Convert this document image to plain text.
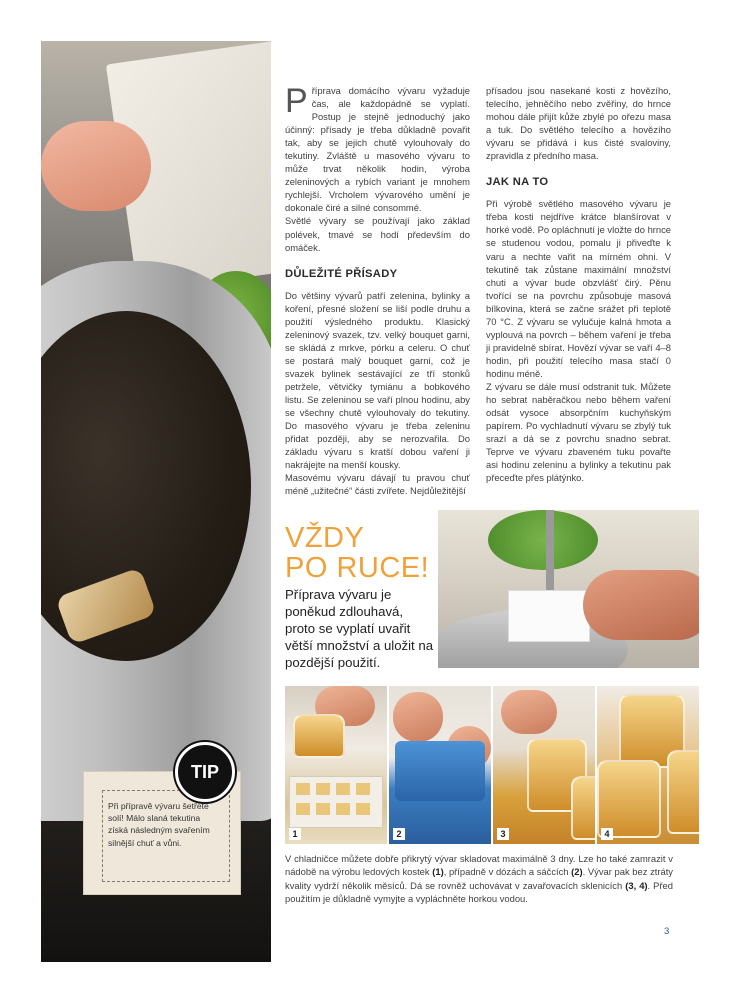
Při přípravě vývaru šetřete solí! Málo slaná tekutina získá následným svařením silnější chuť a vůni.
TIP

Příprava domácího vývaru vyžaduje čas, ale každopádně se vyplatí. Postup je stejně jednoduchý jako účinný: přísady je třeba důkladně povařit tak, aby se jejich chutě vylouhovaly do tekutiny. Zvláště u masového vývaru to může trvat několik hodin, výroba zeleninových a rybích variant je mnohem rychlejší. Vrcholem vývarového umění je dokonale čiré a silné consommé.

Světlé vývary se používají jako základ polévek, tmavé se hodí především do omáček.

DŮLEŽITÉ PŘÍSADY

Do většiny vývarů patří zelenina, bylinky a koření, přesné složení se liší podle druhu a použití výsledného produktu. Klasický zeleninový svazek, tzv. velký bouquet garni, se skládá z mrkve, pórku a celeru. O chuť se postará malý bouquet garni, což je svazek bylinek sestávající ze tří stonků petržele, větvičky tymiánu a bobkového listu. Se zeleninou se vaří plnou hodinu, aby se všechny chutě vylouhovaly do tekutiny. Do masového vývaru je třeba zeleninu přidat později, aby se nerozvařila. Do základu vývaru s kratší dobou vaření ji nakrájejte na menší kousky.

Masovému vývaru dávají tu pravou chuť méně „užitečné“ části zvířete. Nejdůležitější

přísadou jsou nasekané kosti z hovězího, telecího, jehněčího nebo zvěřiny, do hrnce mohou dále přijít kůže zbylé po ořezu masa a tuk. Do světlého telecího a hovězího vývaru se přidává i kus čisté svaloviny, zpravidla z předního masa.

JAK NA TO

Při výrobě světlého masového vývaru je třeba kosti nejdříve krátce blanšírovat v horké vodě. Po opláchnutí je vložte do hrnce se studenou vodou, pomalu ji přiveďte k varu a nechte vařit na mírném ohni. V tekutině tak zůstane maximální množství chuti a vývar bude obzvlášť čirý. Pěnu tvořící se na povrchu způsobuje masová bílkovina, která se začne srážet při teplotě 70 °C. Z vývaru se vylučuje kalná hmota a vyplouvá na povrch – během vaření je třeba ji pravidelně sbírat. Hovězí vývar se vaří 4–8 hodin, při použití telecího masa stačí 0 hodinu méně.

Z vývaru se dále musí odstranit tuk. Můžete ho sebrat naběračkou nebo během vaření odsát vysoce absorpčním kuchyňským papírem. Po vychladnutí vývaru se zbylý tuk srazí a dá se z povrchu snadno sebrat. Teprve ve vývaru zbaveném tuku povařte asi hodinu zeleninu a bylinky a tekutinu pak přeceďte přes plátýnko.

VŽDY
PO RUCE!
Příprava vývaru je poněkud zdlouhavá, proto se vyplatí uvařit větší množství a uložit na pozdější použití.
1	2	3	4
V chladničce můžete dobře přikrytý vývar skladovat maximálně 3 dny. Lze ho také zamrazit v nádobě na výrobu ledových kostek (1), případně v dózách a sáčcích (2). Vývar pak bez ztráty kvality vydrží několik měsíců. Dá se rovněž uchovávat v zavařovacích sklenicích (3, 4). Před použitím je důkladně vymyjte a vypláchněte horkou vodou.
3
